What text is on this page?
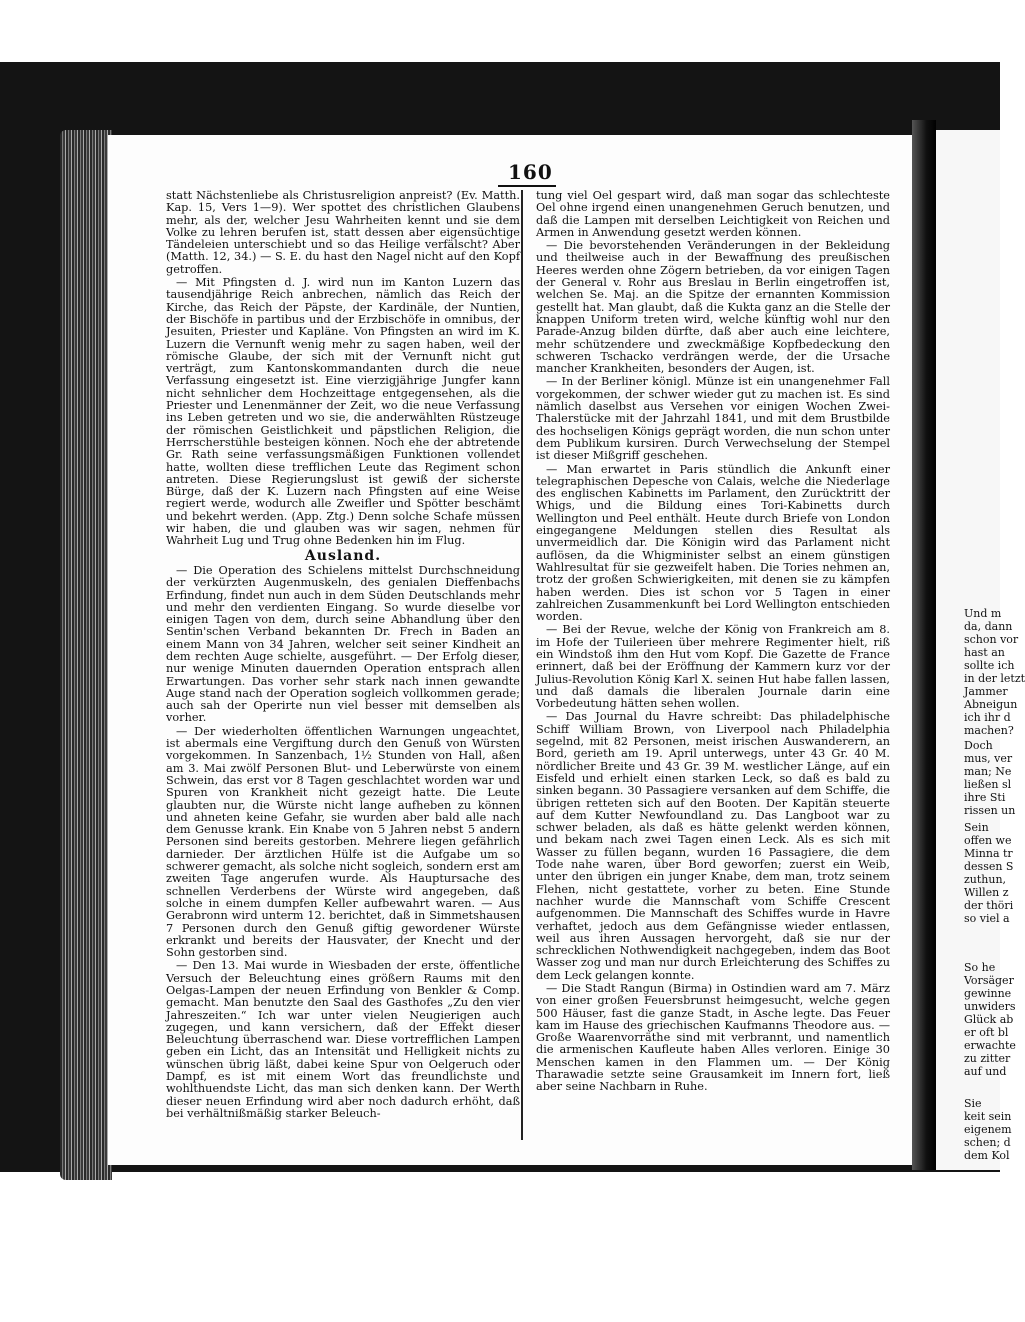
160

statt Nächstenliebe als Christusreligion anpreist? (Ev. Matth. Kap. 15, Vers 1—9). Wer spottet des christlichen Glaubens mehr, als der, welcher Jesu Wahrheiten kennt und sie dem Volke zu lehren berufen ist, statt dessen aber eigensüchtige Tändeleien unterschiebt und so das Heilige verfälscht? Aber (Matth. 12, 34.) — S. E. du hast den Nagel nicht auf den Kopf getroffen.

— Mit Pfingsten d. J. wird nun im Kanton Luzern das tausendjährige Reich anbrechen, nämlich das Reich der Kirche, das Reich der Päpste, der Kardinäle, der Nuntien, der Bischöfe in partibus und der Erzbischöfe in omnibus, der Jesuiten, Priester und Kapläne. Von Pfingsten an wird im K. Luzern die Vernunft wenig mehr zu sagen haben, weil der römische Glaube, der sich mit der Vernunft nicht gut verträgt, zum Kantonskommandanten durch die neue Verfassung eingesetzt ist. Eine vierzigjährige Jungfer kann nicht sehnlicher dem Hochzeittage entgegensehen, als die Priester und Lenenmänner der Zeit, wo die neue Verfassung ins Leben getreten und wo sie, die anderwählten Rüstzeuge der römischen Geistlichkeit und päpstlichen Religion, die Herrscherstühle besteigen können. Noch ehe der abtretende Gr. Rath seine verfassungsmäßigen Funktionen vollendet hatte, wollten diese trefflichen Leute das Regiment schon antreten. Diese Regierungslust ist gewiß der sicherste Bürge, daß der K. Luzern nach Pfingsten auf eine Weise regiert werde, wodurch alle Zweifler und Spötter beschämt und bekehrt werden. (App. Ztg.) Denn solche Schafe müssen wir haben, die und glauben was wir sagen, nehmen für Wahrheit Lug und Trug ohne Bedenken hin im Flug.

Ausland.

— Die Operation des Schielens mittelst Durchschneidung der verkürzten Augenmuskeln, des genialen Dieffenbachs Erfindung, findet nun auch in dem Süden Deutschlands mehr und mehr den verdienten Eingang. So wurde dieselbe vor einigen Tagen von dem, durch seine Abhandlung über den Sentin'schen Verband bekannten Dr. Frech in Baden an einem Mann von 34 Jahren, welcher seit seiner Kindheit an dem rechten Auge schielte, ausgeführt. — Der Erfolg dieser, nur wenige Minuten dauernden Operation entsprach allen Erwartungen. Das vorher sehr stark nach innen gewandte Auge stand nach der Operation sogleich vollkommen gerade; auch sah der Operirte nun viel besser mit demselben als vorher.

— Der wiederholten öffentlichen Warnungen ungeachtet, ist abermals eine Vergiftung durch den Genuß von Würsten vorgekommen. In Sanzenbach, 1½ Stunden von Hall, aßen am 3. Mai zwölf Personen Blut- und Leberwürste von einem Schwein, das erst vor 8 Tagen geschlachtet worden war und Spuren von Krankheit nicht gezeigt hatte. Die Leute glaubten nur, die Würste nicht lange aufheben zu können und ahneten keine Gefahr, sie wurden aber bald alle nach dem Genusse krank. Ein Knabe von 5 Jahren nebst 5 andern Personen sind bereits gestorben. Mehrere liegen gefährlich darnieder. Der ärztlichen Hülfe ist die Aufgabe um so schwerer gemacht, als solche nicht sogleich, sondern erst am zweiten Tage angerufen wurde. Als Hauptursache des schnellen Verderbens der Würste wird angegeben, daß solche in einem dumpfen Keller aufbewahrt waren. — Aus Gerabronn wird unterm 12. berichtet, daß in Simmetshausen 7 Personen durch den Genuß giftig gewordener Würste erkrankt und bereits der Hausvater, der Knecht und der Sohn gestorben sind.

— Den 13. Mai wurde in Wiesbaden der erste, öffentliche Versuch der Beleuchtung eines größern Raums mit den Oelgas-Lampen der neuen Erfindung von Benkler & Comp. gemacht. Man benutzte den Saal des Gasthofes „Zu den vier Jahreszeiten.“ Ich war unter vielen Neugierigen auch zugegen, und kann versichern, daß der Effekt dieser Beleuchtung überraschend war. Diese vortrefflichen Lampen geben ein Licht, das an Intensität und Helligkeit nichts zu wünschen übrig läßt, dabei keine Spur von Oelgeruch oder Dampf, es ist mit einem Wort das freundlichste und wohlthuendste Licht, das man sich denken kann. Der Werth dieser neuen Erfindung wird aber noch dadurch erhöht, daß bei verhältnißmäßig starker Beleuch-

tung viel Oel gespart wird, daß man sogar das schlechteste Oel ohne irgend einen unangenehmen Geruch benutzen, und daß die Lampen mit derselben Leichtigkeit von Reichen und Armen in Anwendung gesetzt werden können.

— Die bevorstehenden Veränderungen in der Bekleidung und theilweise auch in der Bewaffnung des preußischen Heeres werden ohne Zögern betrieben, da vor einigen Tagen der General v. Rohr aus Breslau in Berlin eingetroffen ist, welchen Se. Maj. an die Spitze der ernannten Kommission gestellt hat. Man glaubt, daß die Kukta ganz an die Stelle der knappen Uniform treten wird, welche künftig wohl nur den Parade-Anzug bilden dürfte, daß aber auch eine leichtere, mehr schützendere und zweckmäßige Kopfbedeckung den schweren Tschacko verdrängen werde, der die Ursache mancher Krankheiten, besonders der Augen, ist.

— In der Berliner königl. Münze ist ein unangenehmer Fall vorgekommen, der schwer wieder gut zu machen ist. Es sind nämlich daselbst aus Versehen vor einigen Wochen Zwei-Thalerstücke mit der Jahrzahl 1841, und mit dem Brustbilde des hochseligen Königs geprägt worden, die nun schon unter dem Publikum kursiren. Durch Verwechselung der Stempel ist dieser Mißgriff geschehen.

— Man erwartet in Paris stündlich die Ankunft einer telegraphischen Depesche von Calais, welche die Niederlage des englischen Kabinetts im Parlament, den Zurücktritt der Whigs, und die Bildung eines Tori-Kabinetts durch Wellington und Peel enthält. Heute durch Briefe von London eingegangene Meldungen stellen dies Resultat als unvermeidlich dar. Die Königin wird das Parlament nicht auflösen, da die Whigminister selbst an einem günstigen Wahlresultat für sie gezweifelt haben. Die Tories nehmen an, trotz der großen Schwierigkeiten, mit denen sie zu kämpfen haben werden. Dies ist schon vor 5 Tagen in einer zahlreichen Zusammenkunft bei Lord Wellington entschieden worden.

— Bei der Revue, welche der König von Frankreich am 8. im Hofe der Tuilerieen über mehrere Regimenter hielt, riß ein Windstoß ihm den Hut vom Kopf. Die Gazette de France erinnert, daß bei der Eröffnung der Kammern kurz vor der Julius-Revolution König Karl X. seinen Hut habe fallen lassen, und daß damals die liberalen Journale darin eine Vorbedeutung hätten sehen wollen.

— Das Journal du Havre schreibt: Das philadelphische Schiff William Brown, von Liverpool nach Philadelphia segelnd, mit 82 Personen, meist irischen Auswanderern, an Bord, gerieth am 19. April unterwegs, unter 43 Gr. 40 M. nördlicher Breite und 43 Gr. 39 M. westlicher Länge, auf ein Eisfeld und erhielt einen starken Leck, so daß es bald zu sinken begann. 30 Passagiere versanken auf dem Schiffe, die übrigen retteten sich auf den Booten. Der Kapitän steuerte auf dem Kutter Newfoundland zu. Das Langboot war zu schwer beladen, als daß es hätte gelenkt werden können, und bekam nach zwei Tagen einen Leck. Als es sich mit Wasser zu füllen begann, wurden 16 Passagiere, die dem Tode nahe waren, über Bord geworfen; zuerst ein Weib, unter den übrigen ein junger Knabe, dem man, trotz seinem Flehen, nicht gestattete, vorher zu beten. Eine Stunde nachher wurde die Mannschaft vom Schiffe Crescent aufgenommen. Die Mannschaft des Schiffes wurde in Havre verhaftet, jedoch aus dem Gefängnisse wieder entlassen, weil aus ihren Aussagen hervorgeht, daß sie nur der schrecklichen Nothwendigkeit nachgegeben, indem das Boot Wasser zog und man nur durch Erleichterung des Schiffes zu dem Leck gelangen konnte.

— Die Stadt Rangun (Birma) in Ostindien ward am 7. März von einer großen Feuersbrunst heimgesucht, welche gegen 500 Häuser, fast die ganze Stadt, in Asche legte. Das Feuer kam im Hause des griechischen Kaufmanns Theodore aus. — Große Waarenvorräthe sind mit verbrannt, und namentlich die armenischen Kaufleute haben Alles verloren. Einige 30 Menschen kamen in den Flammen um. — Der König Tharawadie setzte seine Grausamkeit im Innern fort, ließ aber seine Nachbarn in Ruhe.

Und m
da, dann
schon vor
hast an
sollte ich
in der letzt
Jammer
Abneigun
ich ihr d
machen?
Doch
mus, ver
man; Ne
ließen sl
ihre Sti
rissen un
Sein
offen we
Minna tr
dessen S
zuthun,
Willen z
der thöri
so viel a
So he
Vorsäger
gewinne
unwiders
Glück ab
er oft bl
erwachte
zu zitter
auf und
Sie
keit sein
eigenem
schen; d
dem Kol
